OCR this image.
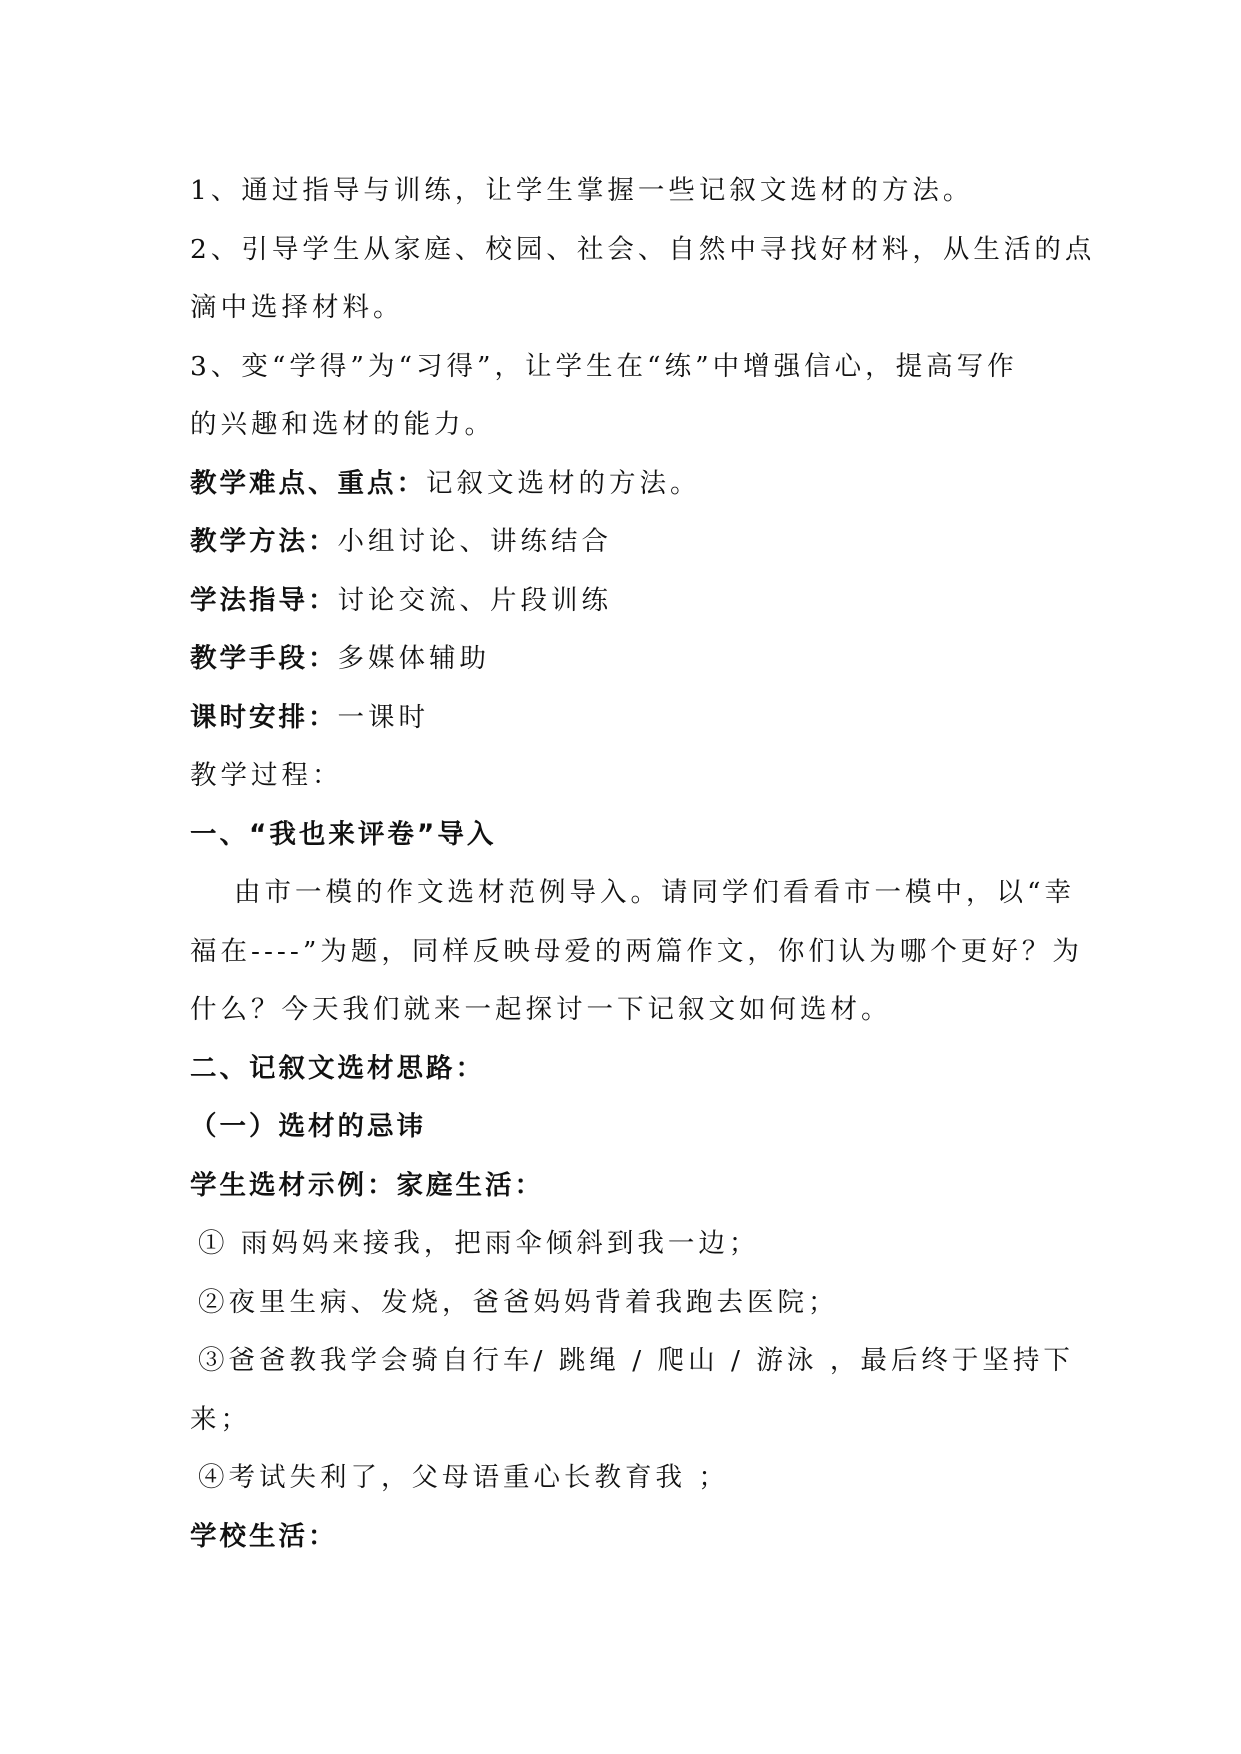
1、通过指导与训练，让学生掌握一些记叙文选材的方法。
2、引导学生从家庭、校园、社会、自然中寻找好材料，从生活的点
滴中选择材料。
3、变“学得”为“习得”，让学生在“练”中增强信心，提高写作
的兴趣和选材的能力。
教学难点、重点：记叙文选材的方法。
教学方法：小组讨论、讲练结合
学法指导：讨论交流、片段训练
教学手段：多媒体辅助
课时安排：一课时
教学过程：
一、“我也来评卷”导入
由市一模的作文选材范例导入。请同学们看看市一模中，以“幸
福在----”为题，同样反映母爱的两篇作文，你们认为哪个更好？为
什么？今天我们就来一起探讨一下记叙文如何选材。
二、记叙文选材思路：
（一）选材的忌讳
学生选材示例：家庭生活：
① 雨妈妈来接我，把雨伞倾斜到我一边；
②夜里生病、发烧，爸爸妈妈背着我跑去医院；
③爸爸教我学会骑自行车/ 跳绳 / 爬山 / 游泳 ，最后终于坚持下
来；
④考试失利了，父母语重心长教育我 ；
学校生活：
